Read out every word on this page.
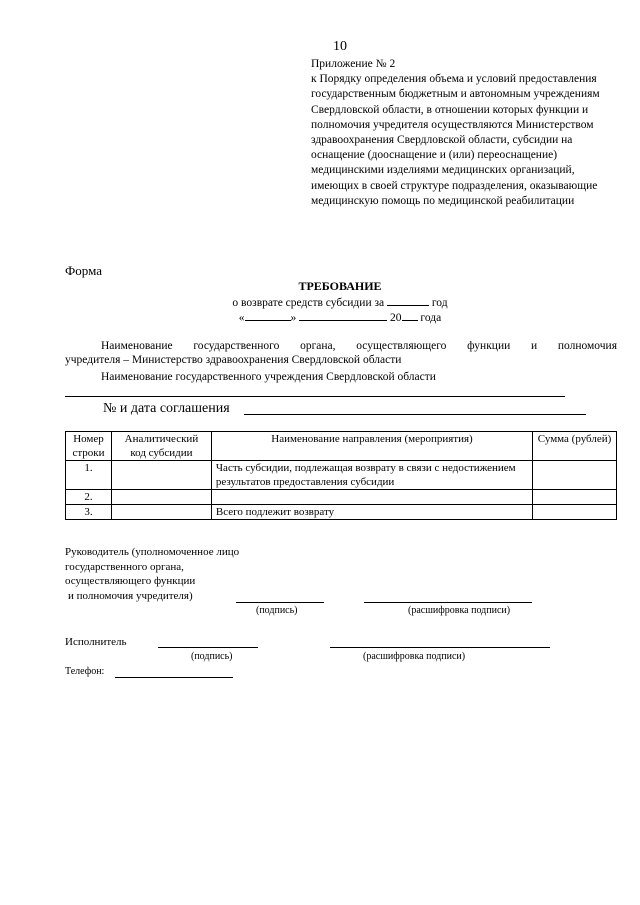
10
Приложение № 2
к Порядку определения объема и условий предоставления государственным бюджетным и автономным учреждениям Свердловской области, в отношении которых функции и полномочия учредителя осуществляются Министерством здравоохранения Свердловской области, субсидии на оснащение (дооснащение и (или) переоснащение) медицинскими изделиями медицинских организаций, имеющих в своей структуре подразделения, оказывающие медицинскую помощь по медицинской реабилитации
Форма
ТРЕБОВАНИЕ
о возврате средств субсидии за	год
«	»	20 года
Наименование государственного органа, осуществляющего функции и полномочия
учредителя – Министерство здравоохранения Свердловской области
Наименование государственного учреждения Свердловской области
№ и дата соглашения
Номер строки	Аналитический код субсидии	Наименование направления (мероприятия)	Сумма (рублей)
1.		Часть субсидии, подлежащая возврату в связи с недостижением результатов предоставления субсидии	
2.			
3.		Всего подлежит возврату	
Руководитель (уполномоченное лицо
государственного органа,
осуществляющего функции
и полномочия учредителя)
(подпись)	(расшифровка подписи)
Исполнитель
(подпись)	(расшифровка подписи)
Телефон:
